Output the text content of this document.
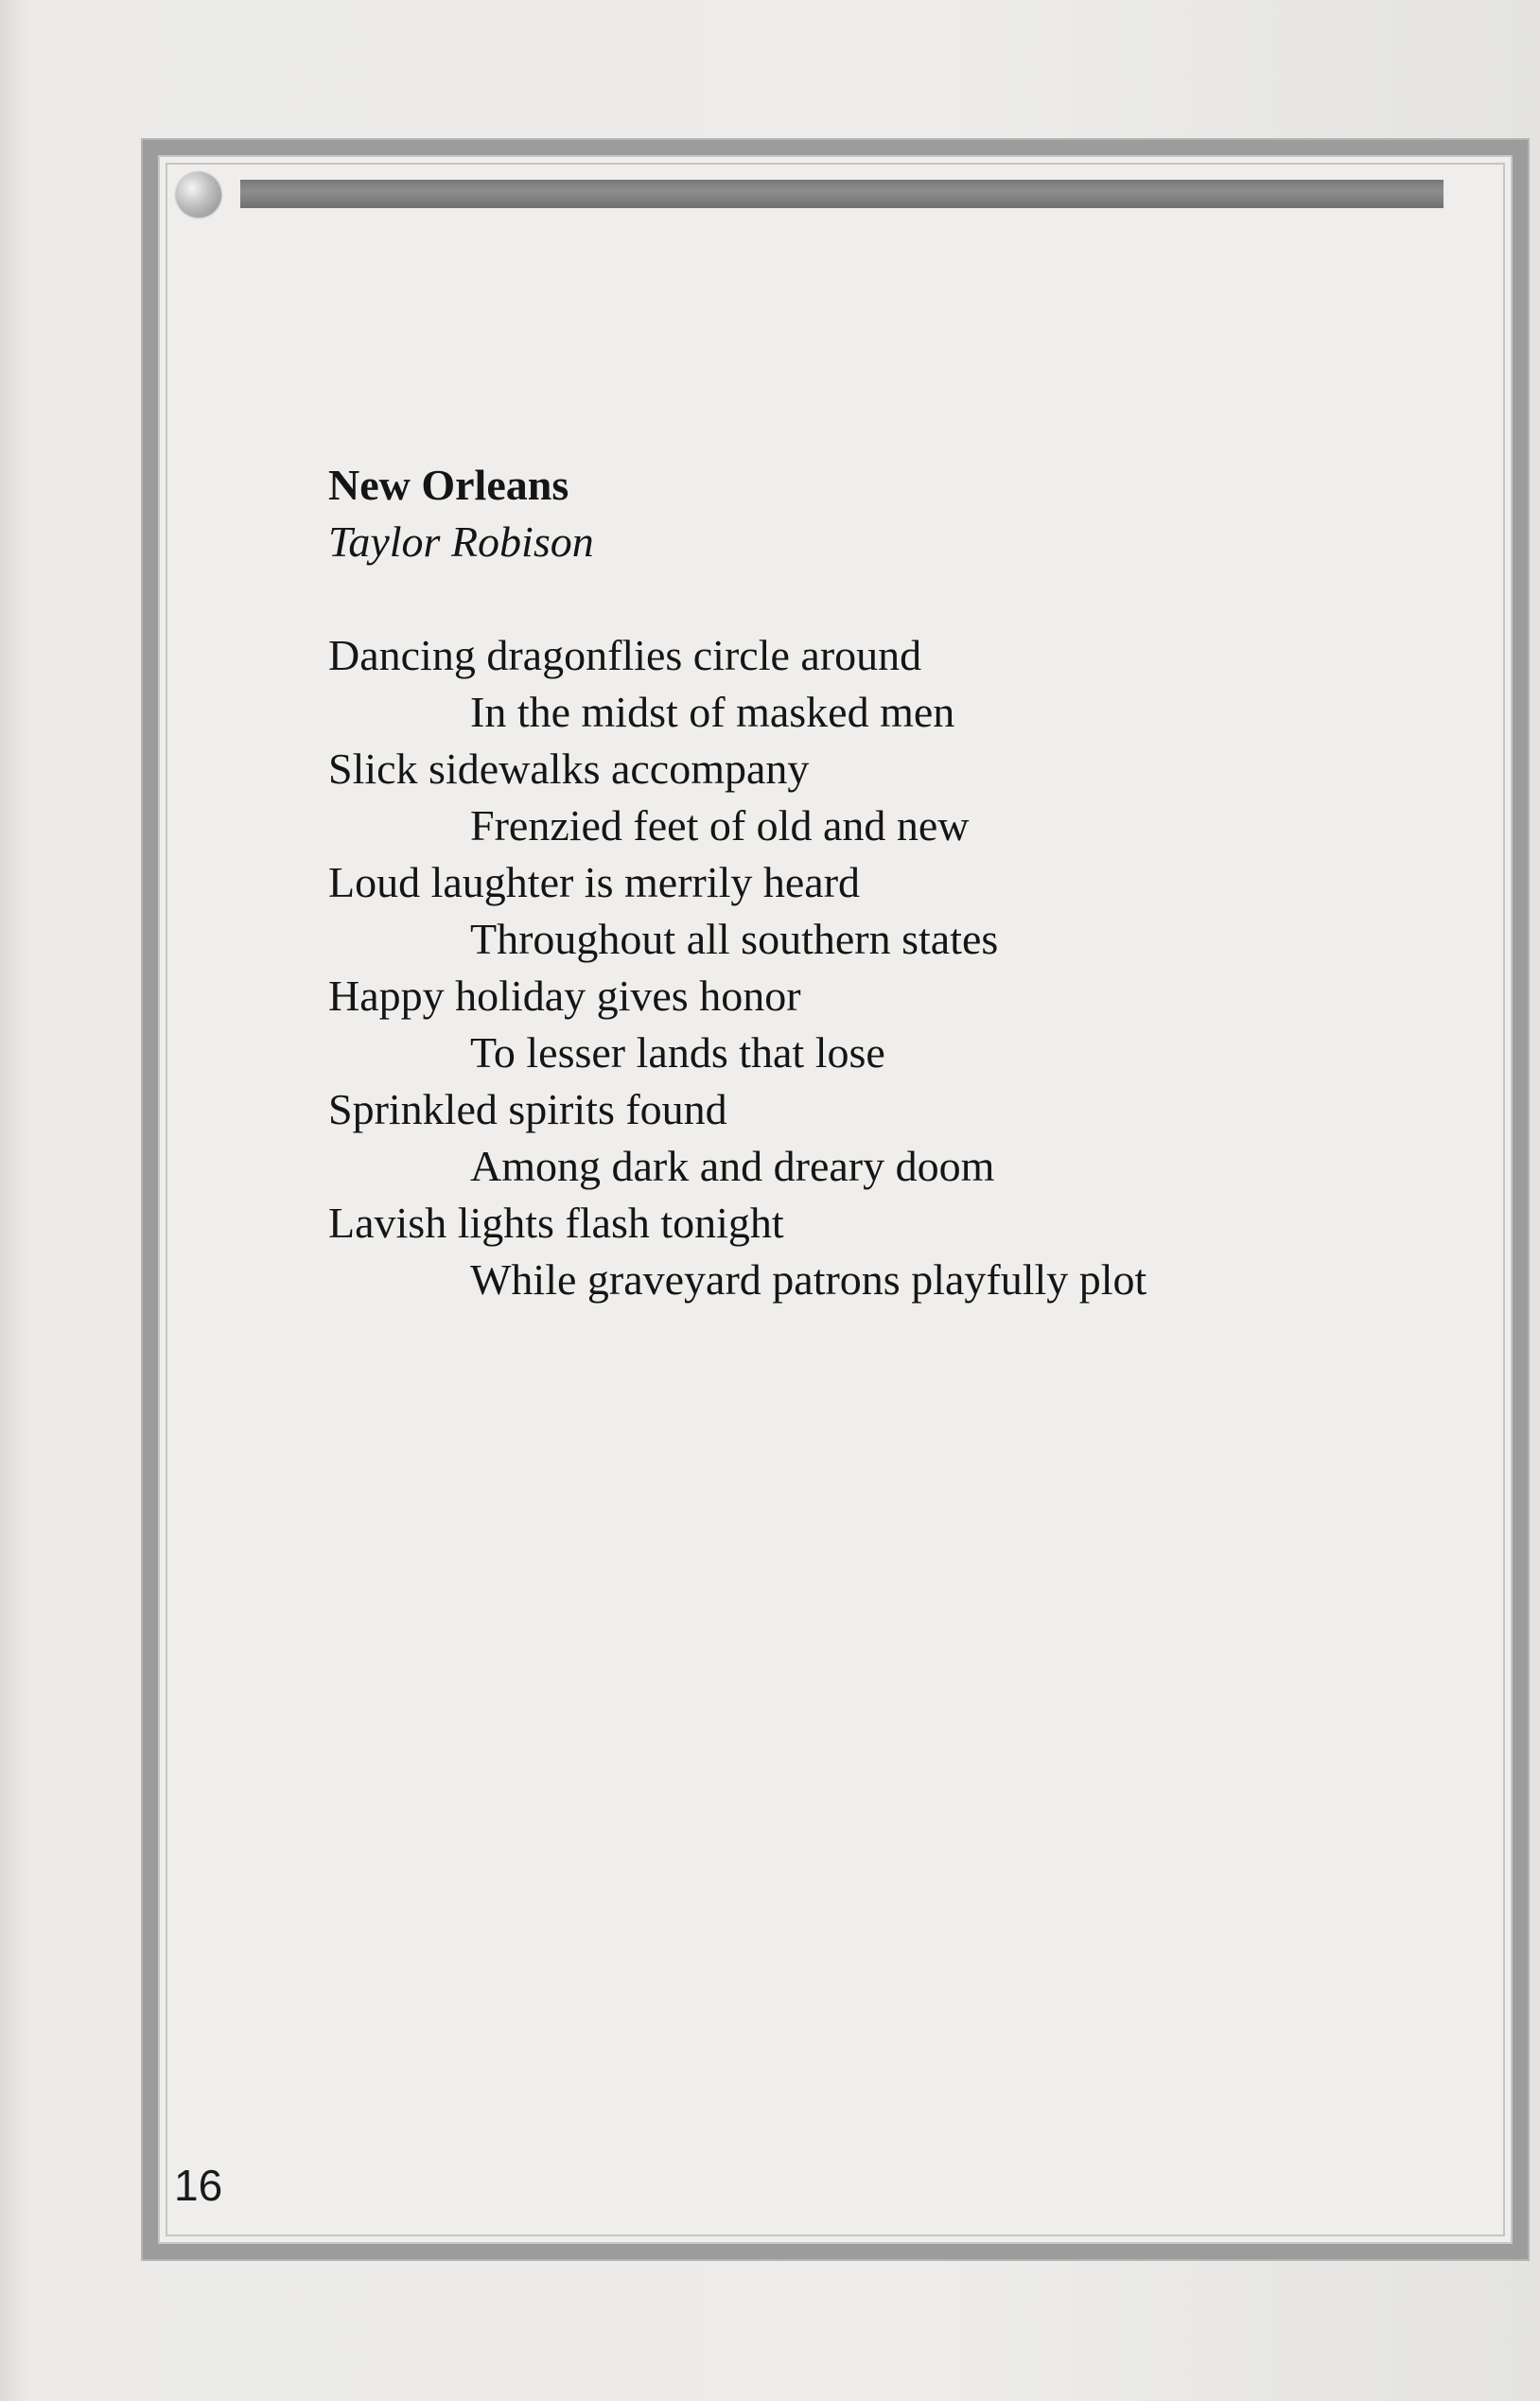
New Orleans
Taylor Robison
Dancing dragonflies circle around
In the midst of masked men
Slick sidewalks accompany
Frenzied feet of old and new
Loud laughter is merrily heard
Throughout all southern states
Happy holiday gives honor
To lesser lands that lose
Sprinkled spirits found
Among dark and dreary doom
Lavish lights flash tonight
While graveyard patrons playfully plot
16
